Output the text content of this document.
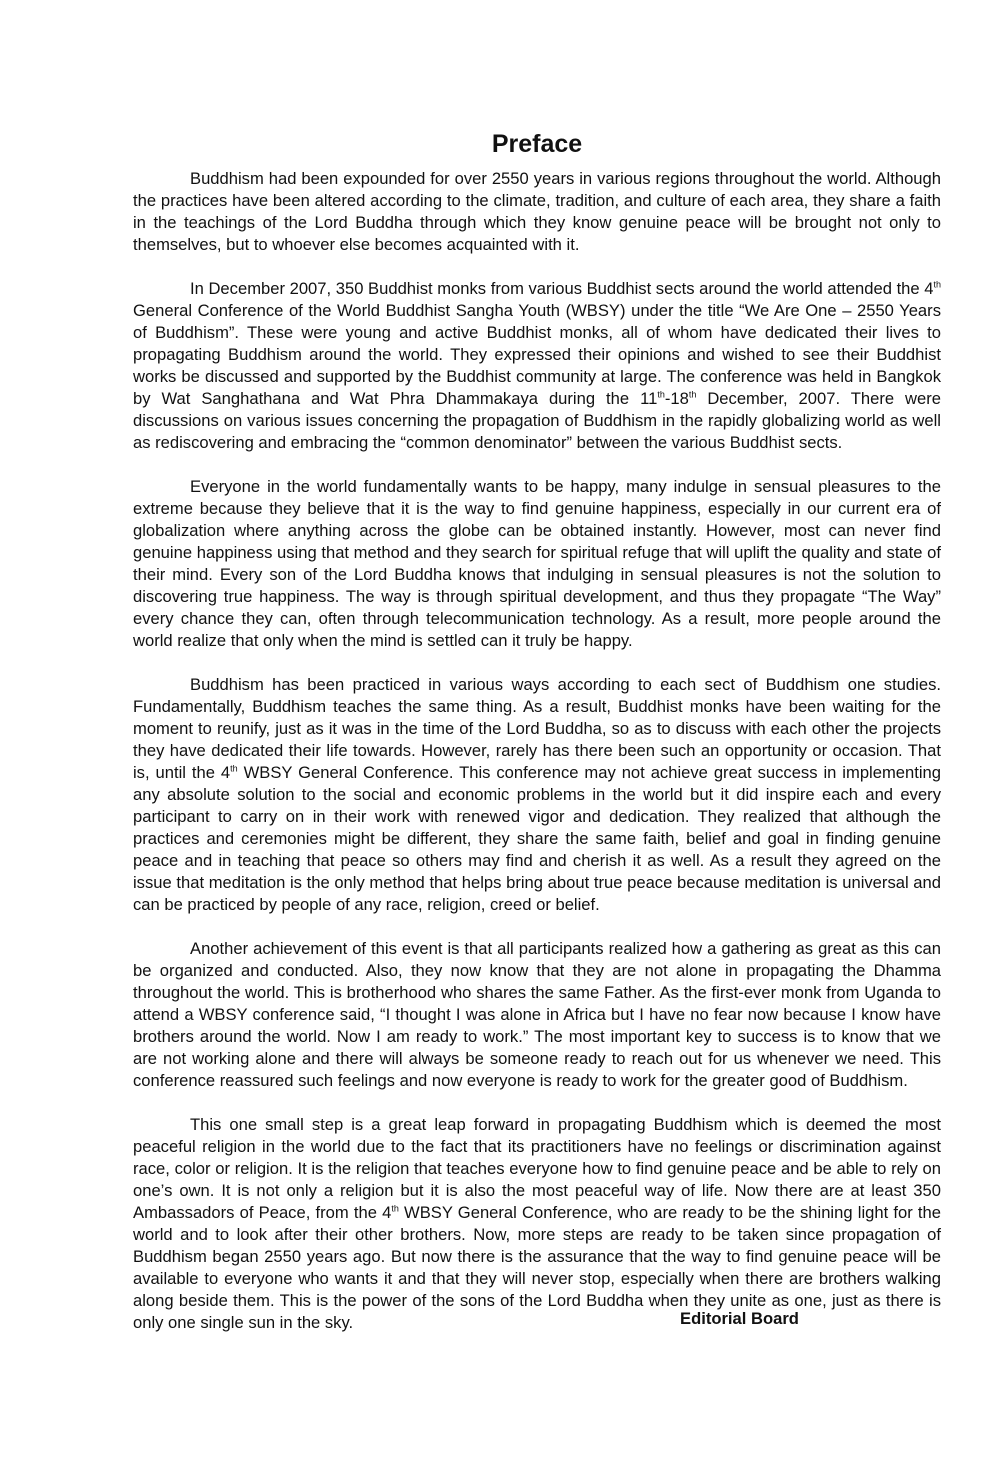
Preface

Buddhism had been expounded for over 2550 years in various regions throughout the world. Although the practices have been altered according to the climate, tradition, and culture of each area, they share a faith in the teachings of the Lord Buddha through which they know genuine peace will be brought not only to themselves, but to whoever else becomes acquainted with it.

In December 2007, 350 Buddhist monks from various Buddhist sects around the world attended the 4th General Conference of the World Buddhist Sangha Youth (WBSY) under the title “We Are One – 2550 Years of Buddhism”. These were young and active Buddhist monks, all of whom have dedicated their lives to propagating Buddhism around the world. They expressed their opinions and wished to see their Buddhist works be discussed and supported by the Buddhist community at large. The conference was held in Bangkok by Wat Sanghathana and Wat Phra Dhammakaya during the 11th-18th December, 2007. There were discussions on various issues concerning the propagation of Buddhism in the rapidly globalizing world as well as rediscovering and embracing the “common denominator” between the various Buddhist sects.

Everyone in the world fundamentally wants to be happy, many indulge in sensual pleasures to the extreme because they believe that it is the way to find genuine happiness, especially in our current era of globalization where anything across the globe can be obtained instantly. However, most can never find genuine happiness using that method and they search for spiritual refuge that will uplift the quality and state of their mind. Every son of the Lord Buddha knows that indulging in sensual pleasures is not the solution to discovering true happiness. The way is through spiritual development, and thus they propagate “The Way” every chance they can, often through telecommunication technology. As a result, more people around the world realize that only when the mind is settled can it truly be happy.

Buddhism has been practiced in various ways according to each sect of Buddhism one studies. Fundamentally, Buddhism teaches the same thing. As a result, Buddhist monks have been waiting for the moment to reunify, just as it was in the time of the Lord Buddha, so as to discuss with each other the projects they have dedicated their life towards. However, rarely has there been such an opportunity or occasion. That is, until the 4th WBSY General Conference. This conference may not achieve great success in implementing any absolute solution to the social and economic problems in the world but it did inspire each and every participant to carry on in their work with renewed vigor and dedication. They realized that although the practices and ceremonies might be different, they share the same faith, belief and goal in finding genuine peace and in teaching that peace so others may find and cherish it as well. As a result they agreed on the issue that meditation is the only method that helps bring about true peace because meditation is universal and can be practiced by people of any race, religion, creed or belief.

Another achievement of this event is that all participants realized how a gathering as great as this can be organized and conducted. Also, they now know that they are not alone in propagating the Dhamma throughout the world. This is brotherhood who shares the same Father. As the first-ever monk from Uganda to attend a WBSY conference said, “I thought I was alone in Africa but I have no fear now because I know have brothers around the world. Now I am ready to work.” The most important key to success is to know that we are not working alone and there will always be someone ready to reach out for us whenever we need. This conference reassured such feelings and now everyone is ready to work for the greater good of Buddhism.

This one small step is a great leap forward in propagating Buddhism which is deemed the most peaceful religion in the world due to the fact that its practitioners have no feelings or discrimination against race, color or religion. It is the religion that teaches everyone how to find genuine peace and be able to rely on one’s own. It is not only a religion but it is also the most peaceful way of life. Now there are at least 350 Ambassadors of Peace, from the 4th WBSY General Conference, who are ready to be the shining light for the world and to look after their other brothers. Now, more steps are ready to be taken since propagation of Buddhism began 2550 years ago. But now there is the assurance that the way to find genuine peace will be available to everyone who wants it and that they will never stop, especially when there are brothers walking along beside them. This is the power of the sons of the Lord Buddha when they unite as one, just as there is only one single sun in the sky.	Editorial Board
